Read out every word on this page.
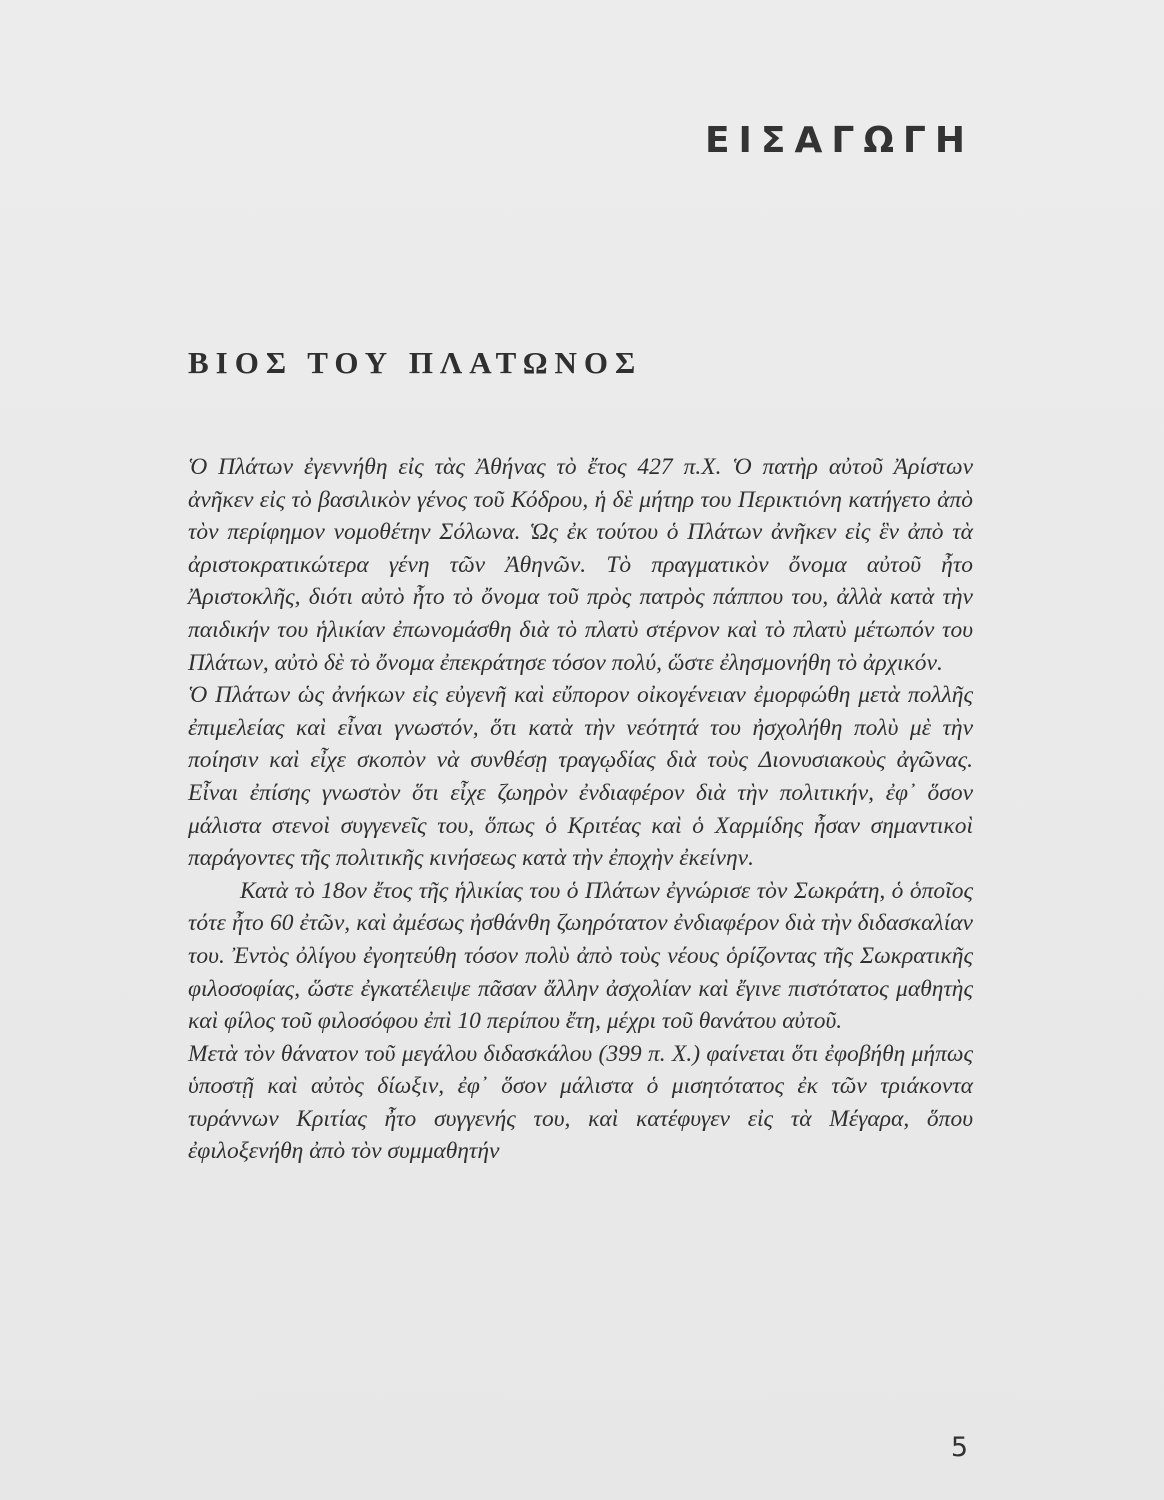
ΕΙΣΑΓΩΓΗ
ΒΙΟΣ ΤΟΥ ΠΛΑΤΩΝΟΣ

Ὁ Πλάτων ἐγεννήθη εἰς τὰς Ἀθήνας τὸ ἔτος 427 π.Χ. Ὁ πατὴρ αὐτοῦ Ἀρίστων ἀνῆκεν εἰς τὸ βασιλικὸν γένος τοῦ Κόδρου, ἡ δὲ μήτηρ του Περικτιόνη κατήγετο ἀπὸ τὸν περίφημον νομοθέτην Σόλωνα. Ὡς ἐκ τούτου ὁ Πλάτων ἀνῆκεν εἰς ἓν ἀπὸ τὰ ἀριστοκρατικώτερα γένη τῶν Ἀθηνῶν. Τὸ πραγματικὸν ὄνομα αὐτοῦ ἦτο Ἀριστοκλῆς, διότι αὐτὸ ἦτο τὸ ὄνομα τοῦ πρὸς πατρὸς πάππου του, ἀλλὰ κατὰ τὴν παιδικήν του ἡλικίαν ἐπωνομάσθη διὰ τὸ πλατὺ στέρνον καὶ τὸ πλατὺ μέτωπόν του Πλάτων, αὐτὸ δὲ τὸ ὄνομα ἐπεκράτησε τόσον πολύ, ὥστε ἐλησμονήθη τὸ ἀρχικόν.

Ὁ Πλάτων ὡς ἀνήκων εἰς εὐγενῆ καὶ εὔπορον οἰκογένειαν ἐμορφώθη μετὰ πολλῆς ἐπιμελείας καὶ εἶναι γνωστόν, ὅτι κατὰ τὴν νεότητά του ἠσχολήθη πολὺ μὲ τὴν ποίησιν καὶ εἶχε σκοπὸν νὰ συνθέσῃ τραγῳδίας διὰ τοὺς Διονυσιακοὺς ἀγῶνας. Εἶναι ἐπίσης γνωστὸν ὅτι εἶχε ζωηρὸν ἐνδιαφέρον διὰ τὴν πολιτικήν, ἐφ᾿ ὅσον μάλιστα στενοὶ συγγενεῖς του, ὅπως ὁ Κριτέας καὶ ὁ Χαρμίδης ἦσαν σημαντικοὶ παράγοντες τῆς πολιτικῆς κινήσεως κατὰ τὴν ἐποχὴν ἐκείνην.

Κατὰ τὸ 18ον ἔτος τῆς ἡλικίας του ὁ Πλάτων ἐγνώρισε τὸν Σωκράτη, ὁ ὁποῖος τότε ἦτο 60 ἐτῶν, καὶ ἀμέσως ἠσθάνθη ζωηρότατον ἐνδιαφέρον διὰ τὴν διδασκαλίαν του. Ἐντὸς ὀλίγου ἐγοητεύθη τόσον πολὺ ἀπὸ τοὺς νέους ὁρίζοντας τῆς Σωκρατικῆς φιλοσοφίας, ὥστε ἐγκατέλειψε πᾶσαν ἄλλην ἀσχολίαν καὶ ἔγινε πιστότατος μαθητὴς καὶ φίλος τοῦ φιλοσόφου ἐπὶ 10 περίπου ἔτη, μέχρι τοῦ θανάτου αὐτοῦ.

Μετὰ τὸν θάνατον τοῦ μεγάλου διδασκάλου (399 π. Χ.) φαίνεται ὅτι ἐφοβήθη μήπως ὑποστῇ καὶ αὐτὸς δίωξιν, ἐφ᾿ ὅσον μάλιστα ὁ μισητότατος ἐκ τῶν τριάκοντα τυράννων Κριτίας ἦτο συγγενής του, καὶ κατέφυγεν εἰς τὰ Μέγαρα, ὅπου ἐφιλοξενήθη ἀπὸ τὸν συμμαθητήν

5
